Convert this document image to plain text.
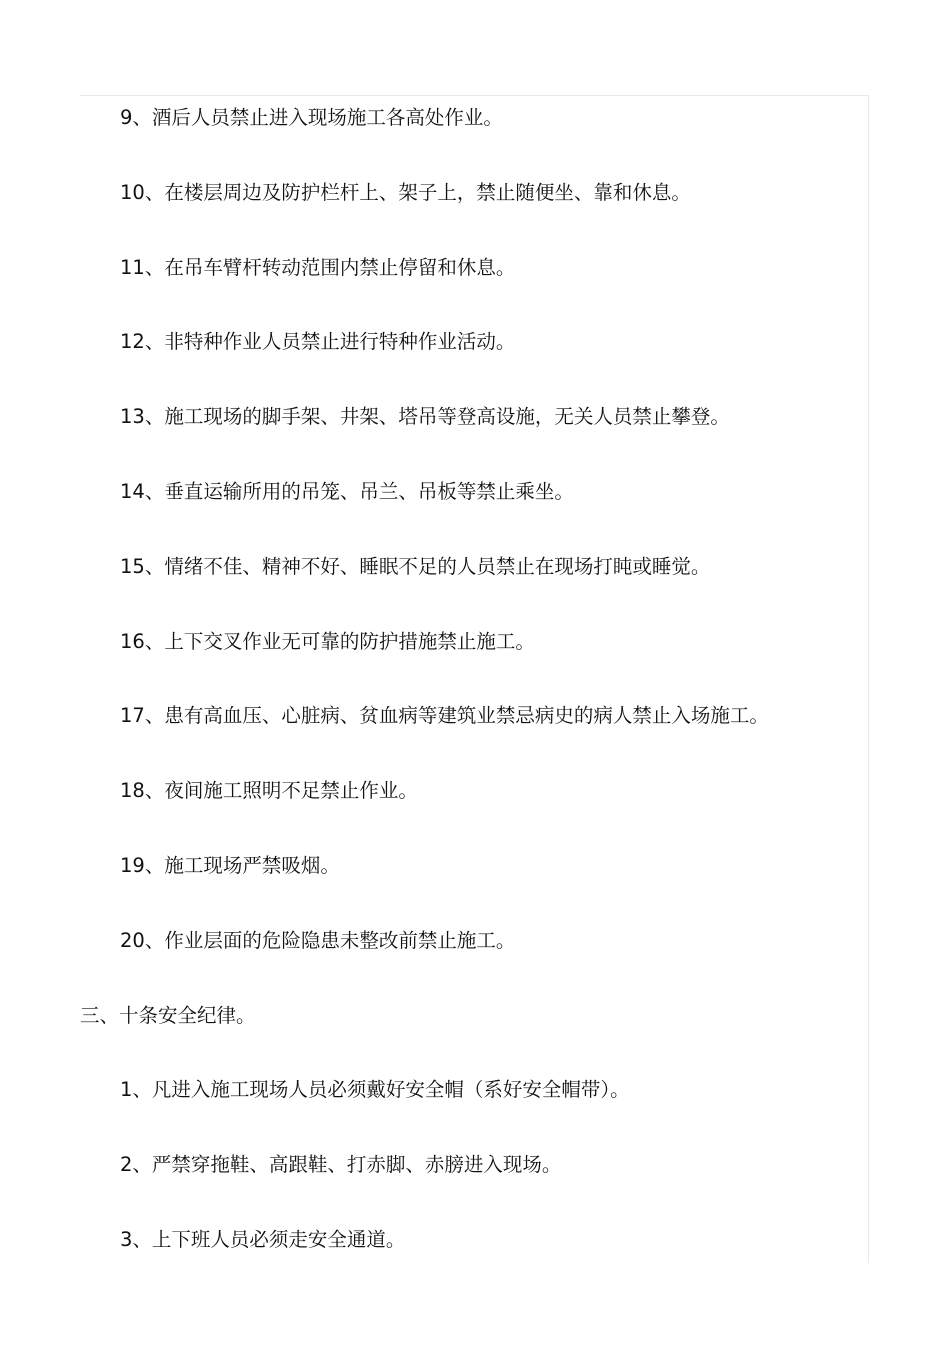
9、酒后人员禁止进入现场施工各高处作业。
10、在楼层周边及防护栏杆上、架子上，禁止随便坐、靠和休息。
11、在吊车臂杆转动范围内禁止停留和休息。
12、非特种作业人员禁止进行特种作业活动。
13、施工现场的脚手架、井架、塔吊等登高设施，无关人员禁止攀登。
14、垂直运输所用的吊笼、吊兰、吊板等禁止乘坐。
15、情绪不佳、精神不好、睡眠不足的人员禁止在现场打盹或睡觉。
16、上下交叉作业无可靠的防护措施禁止施工。
17、患有高血压、心脏病、贫血病等建筑业禁忌病史的病人禁止入场施工。
18、夜间施工照明不足禁止作业。
19、施工现场严禁吸烟。
20、作业层面的危险隐患未整改前禁止施工。
三、十条安全纪律。
1、凡进入施工现场人员必须戴好安全帽（系好安全帽带）。
2、严禁穿拖鞋、高跟鞋、打赤脚、赤膀进入现场。
3、上下班人员必须走安全通道。
